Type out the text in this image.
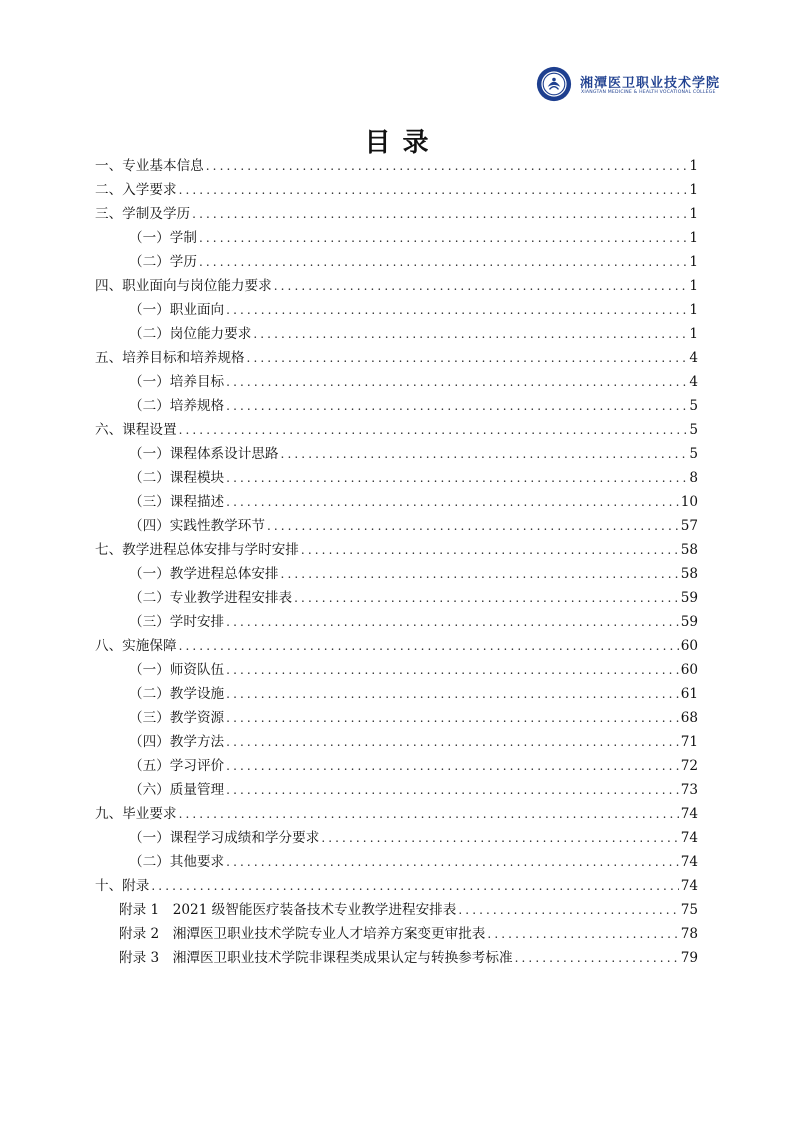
湘潭医卫职业技术学院
XIANGTAN MEDICINE & HEALTH VOCATIONAL COLLEGE
目录
一、专业基本信息 .....	1
二、入学要求 .....	1
三、学制及学历 .....	1
（一）学制 .....	1
（二）学历 .....	1
四、职业面向与岗位能力要求 .....	1
（一）职业面向 .....	1
（二）岗位能力要求 .....	1
五、培养目标和培养规格 .....	4
（一）培养目标 .....	4
（二）培养规格 .....	5
六、课程设置 .....	5
（一）课程体系设计思路 .....	5
（二）课程模块 .....	8
（三）课程描述 .....	10
（四）实践性教学环节 .....	57
七、教学进程总体安排与学时安排 .....	58
（一）教学进程总体安排 .....	58
（二）专业教学进程安排表 .....	59
（三）学时安排 .....	59
八、实施保障 .....	60
（一）师资队伍 .....	60
（二）教学设施 .....	61
（三）教学资源 .....	68
（四）教学方法 .....	71
（五）学习评价 .....	72
（六）质量管理 .....	73
九、毕业要求 .....	74
（一）课程学习成绩和学分要求 .....	74
（二）其他要求 .....	74
十、附录 .....	74
附录 1　2021 级智能医疗装备技术专业教学进程安排表 .....	75
附录 2　湘潭医卫职业技术学院专业人才培养方案变更审批表 .....	78
附录 3　湘潭医卫职业技术学院非课程类成果认定与转换参考标准 .....	79
